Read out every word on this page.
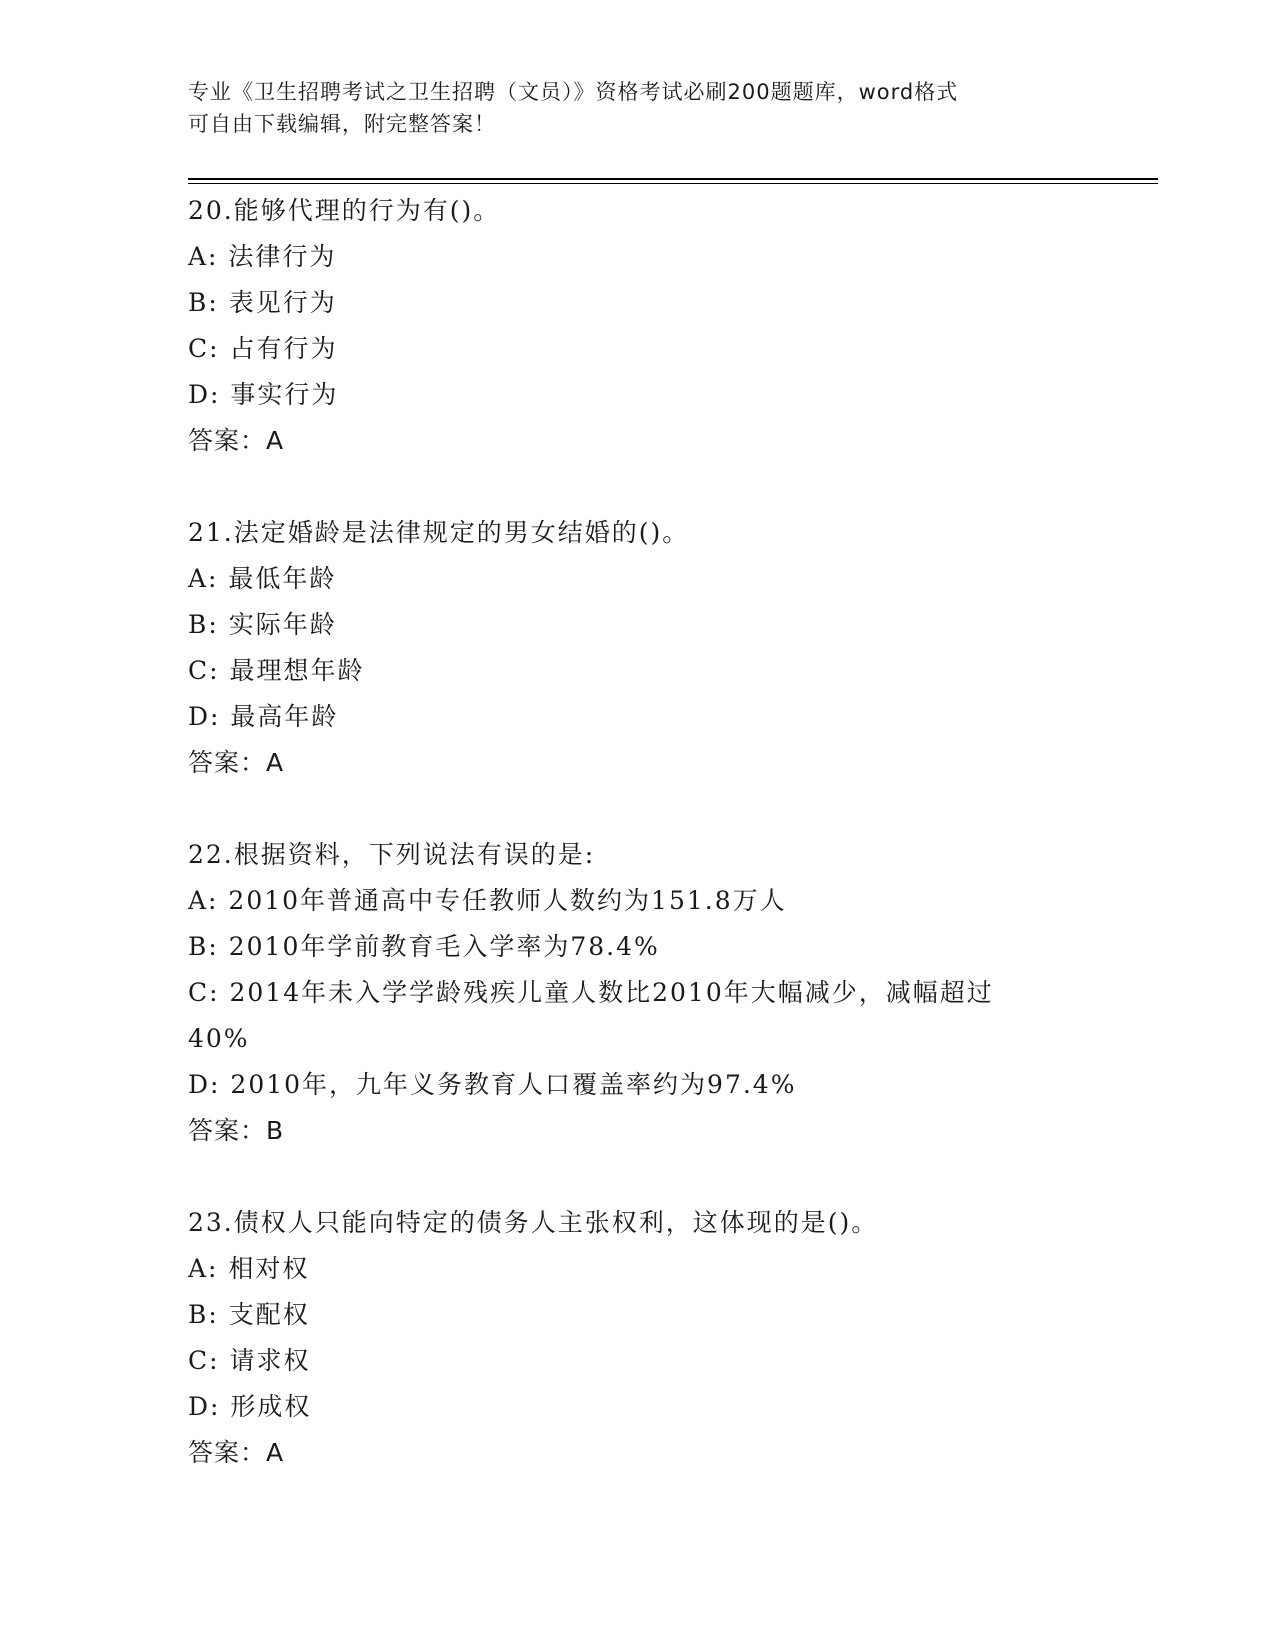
专业《卫生招聘考试之卫生招聘（文员）》资格考试必刷200题题库，word格式
可自由下载编辑，附完整答案！
20.能够代理的行为有()。
A: 法律行为
B: 表见行为
C: 占有行为
D: 事实行为
答案：A
21.法定婚龄是法律规定的男女结婚的()。
A: 最低年龄
B: 实际年龄
C: 最理想年龄
D: 最高年龄
答案：A
22.根据资料，下列说法有误的是:
A: 2010年普通高中专任教师人数约为151.8万人
B: 2010年学前教育毛入学率为78.4%
C: 2014年未入学学龄残疾儿童人数比2010年大幅减少，减幅超过40%
D: 2010年，九年义务教育人口覆盖率约为97.4%
答案：B
23.债权人只能向特定的债务人主张权利，这体现的是()。
A: 相对权
B: 支配权
C: 请求权
D: 形成权
答案：A
